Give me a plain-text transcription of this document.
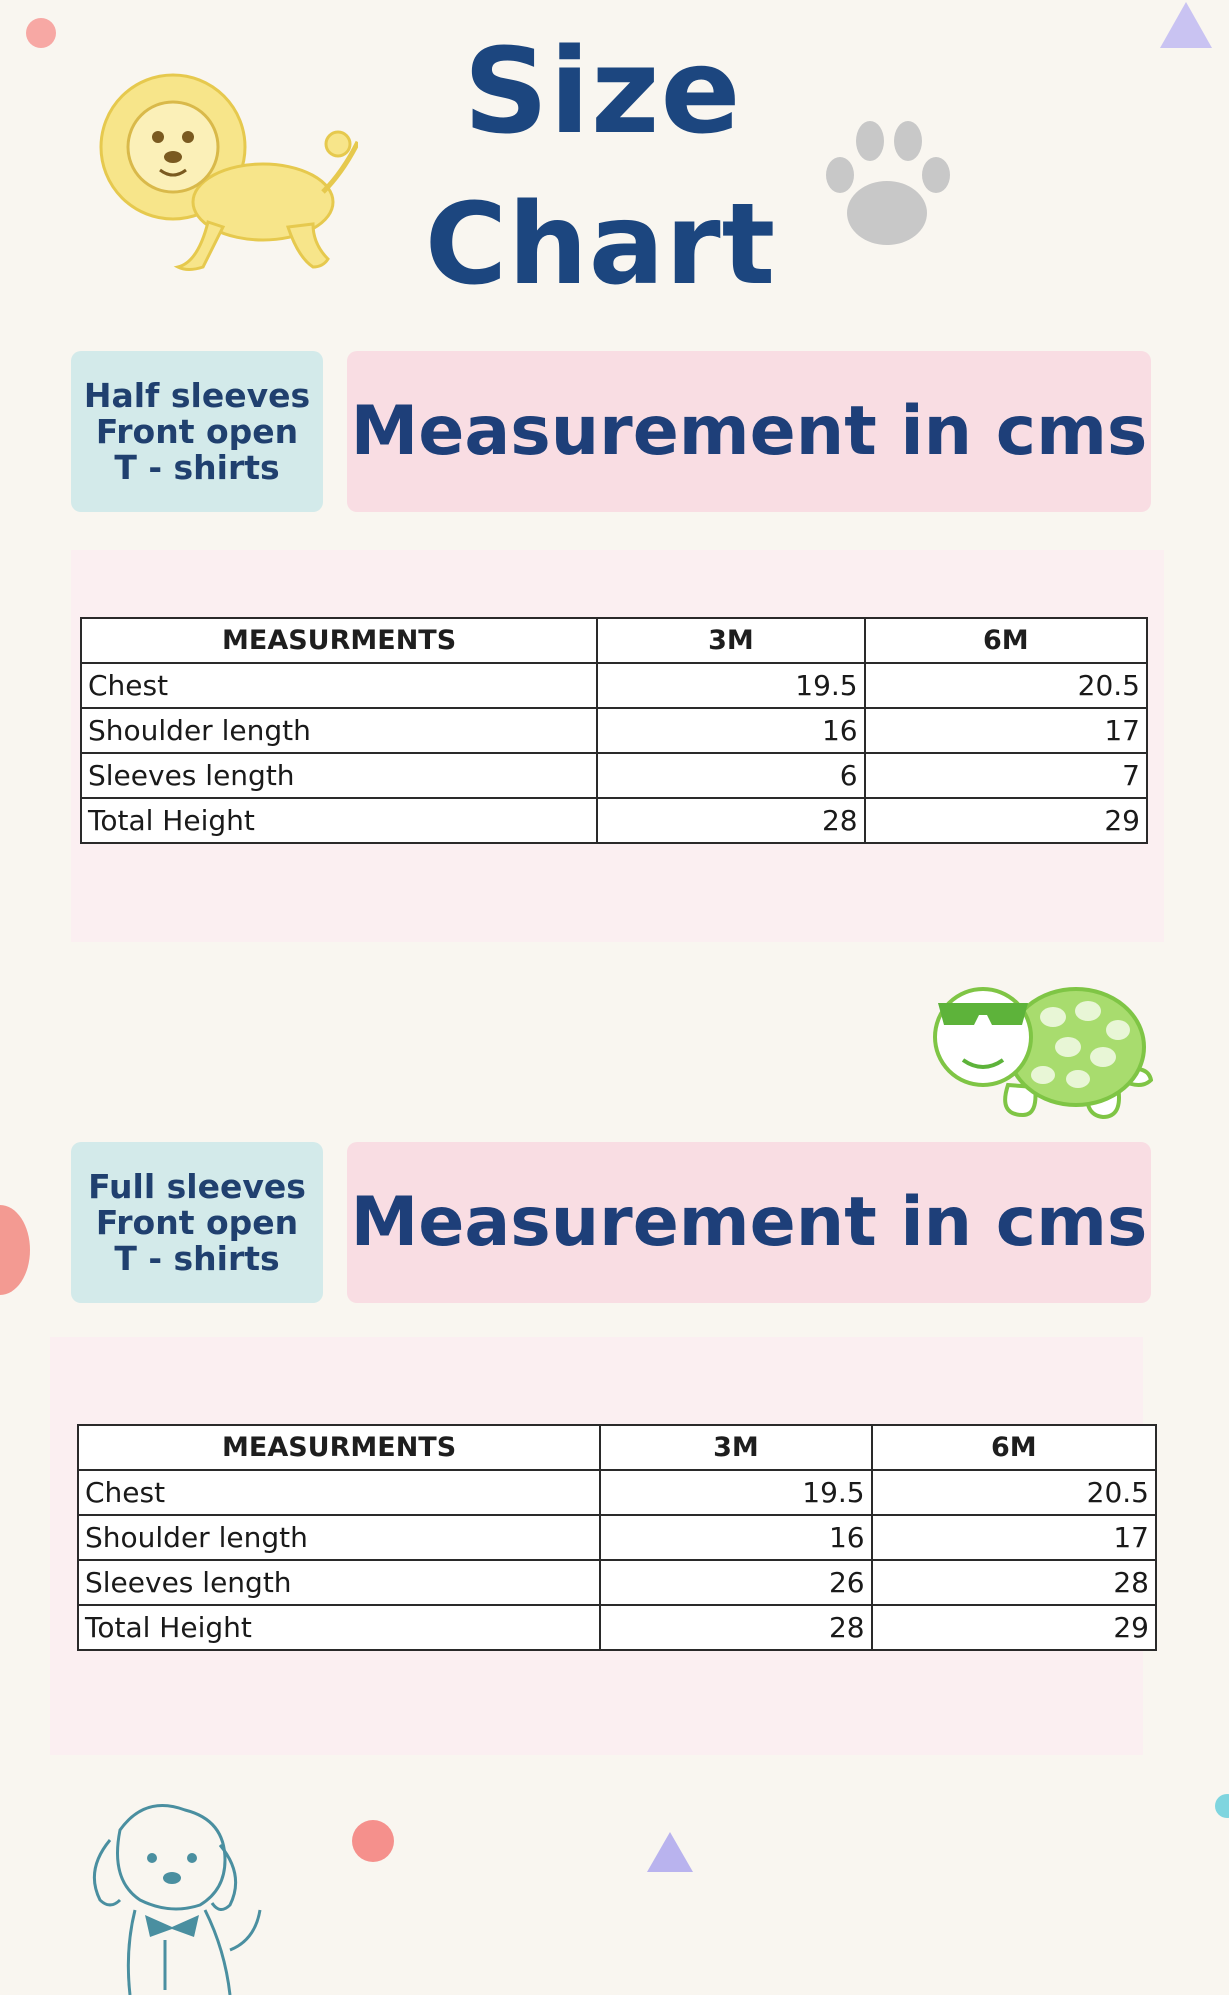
Size
Chart
Half sleeves
Front open
T - shirts	Measurement in cms
MEASURMENTS	3M	6M
Chest	19.5	20.5
Shoulder length	16	17
Sleeves length	6	7
Total Height	28	29
Full sleeves
Front open
T - shirts	Measurement in cms
MEASURMENTS	3M	6M
Chest	19.5	20.5
Shoulder length	16	17
Sleeves length	26	28
Total Height	28	29
